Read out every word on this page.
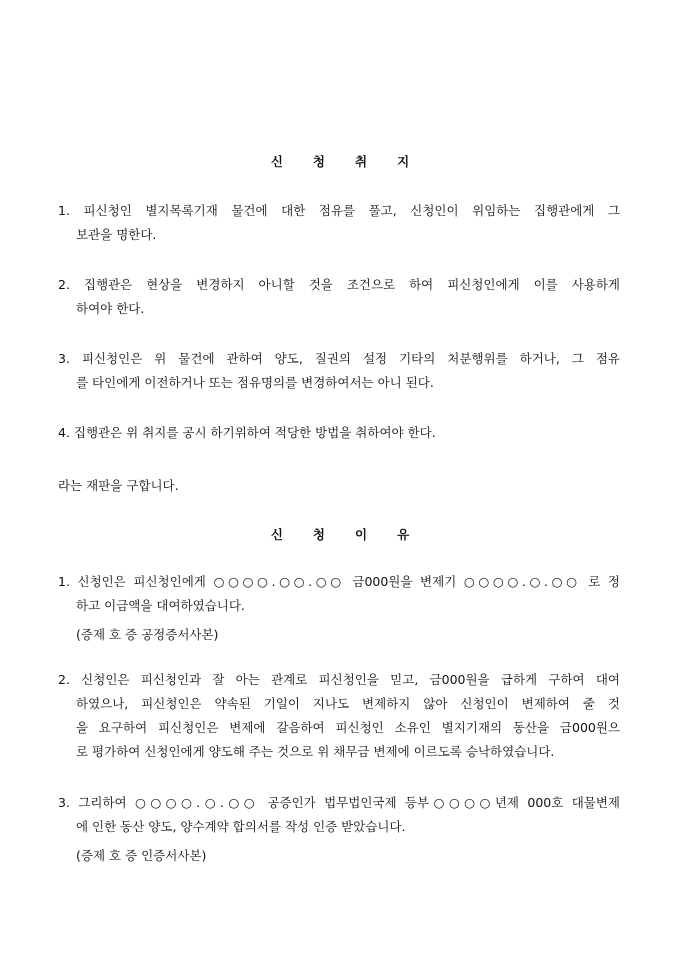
신 청 취 지
1. 피신청인 별지목록기재 물건에 대한 점유를 풀고, 신청인이 위임하는 집행관에게 그
보관을 명한다.
2. 집행관은 현상을 변경하지 아니할 것을 조건으로 하여 피신청인에게 이를 사용하게
하여야 한다.
3. 피신청인은 위 물건에 관하여 양도, 질권의 설정 기타의 처분행위를 하거나, 그 점유
를 타인에게 이전하거나 또는 점유명의를 변경하여서는 아니 된다.
4. 집행관은 위 취지를 공시 하기위하여 적당한 방법을 취하여야 한다.
라는 재판을 구합니다.
신 청 이 유
1. 신청인은 피신청인에게 ○○○○.○○.○○ 금000원을 변제기 ○○○○.○.○○ 로 정
하고 이금액을 대여하였습니다.
(증제 호 증 공정증서사본)
2. 신청인은 피신청인과 잘 아는 관계로 피신청인을 믿고, 금000원을 급하게 구하여 대여
하였으나, 피신청인은 약속된 기일이 지나도 변제하지 않아 신청인이 변제하여 줄 것
을 요구하여 피신청인은 변제에 갈음하여 피신청인 소유인 별지기재의 동산을 금000원으
로 평가하여 신청인에게 양도해 주는 것으로 위 채무금 변제에 이르도록 승낙하였습니다.
3. 그리하여 ○○○○.○.○○ 공증인가 법무법인국제 등부○○○○년제 000호 대물변제
에 인한 동산 양도, 양수계약 합의서를 작성 인증 받았습니다.
(증제 호 증 인증서사본)
